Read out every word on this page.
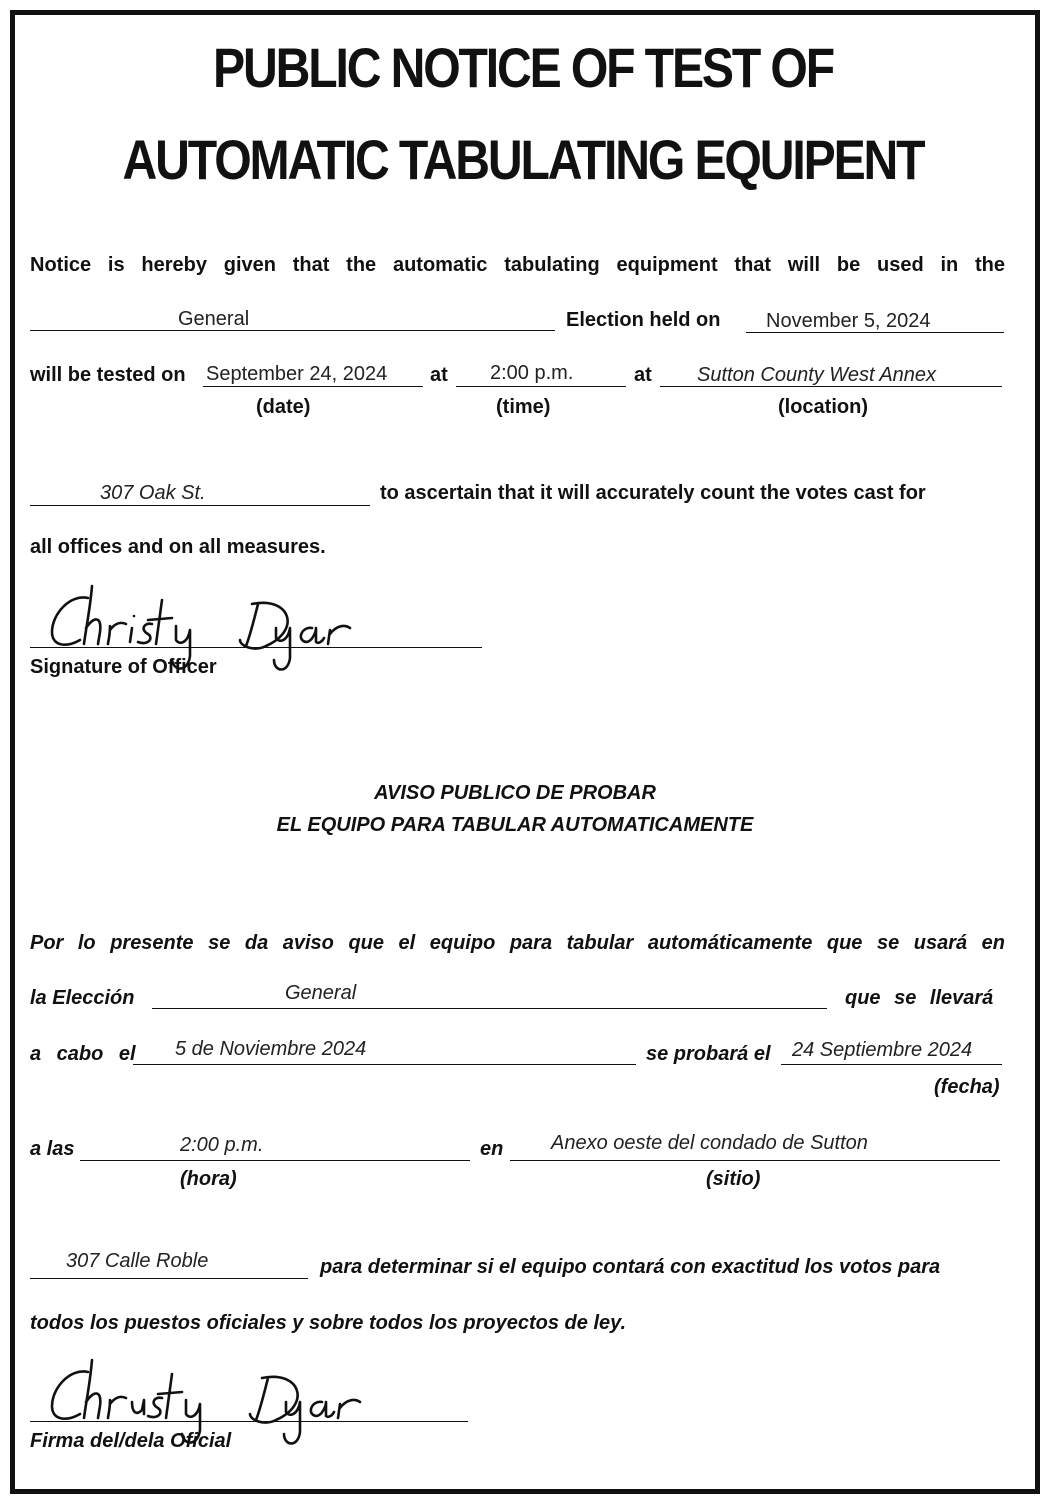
PUBLIC NOTICE OF TEST OF
AUTOMATIC TABULATING EQUIPENT
Notice is hereby given that the automatic tabulating equipment that will be used in the
General	Election held on November 5, 2024
will be tested on September 24, 2024 at 2:00 p.m.	at Sutton County West Annex
(date)	(time)	(location)
307 Oak St.	to ascertain that it will accurately count the votes cast for
all offices and on all measures.
Signature of Officer
AVISO PUBLICO DE PROBAR
EL EQUIPO PARA TABULAR AUTOMATICAMENTE
Por lo presente se da aviso que el equipo para tabular automáticamente que se usará en
la Elección	General	que se llevará
a cabo el 5 de Noviembre 2024	se probará el 24 Septiembre 2024
(fecha)
a las	2:00 p.m.	en Anexo oeste del condado de Sutton
(hora)	(sitio)
307 Calle Roble	para determinar si el equipo contará con exactitud los votos para
todos los puestos oficiales y sobre todos los proyectos de ley.
Firma del/dela Oficial
